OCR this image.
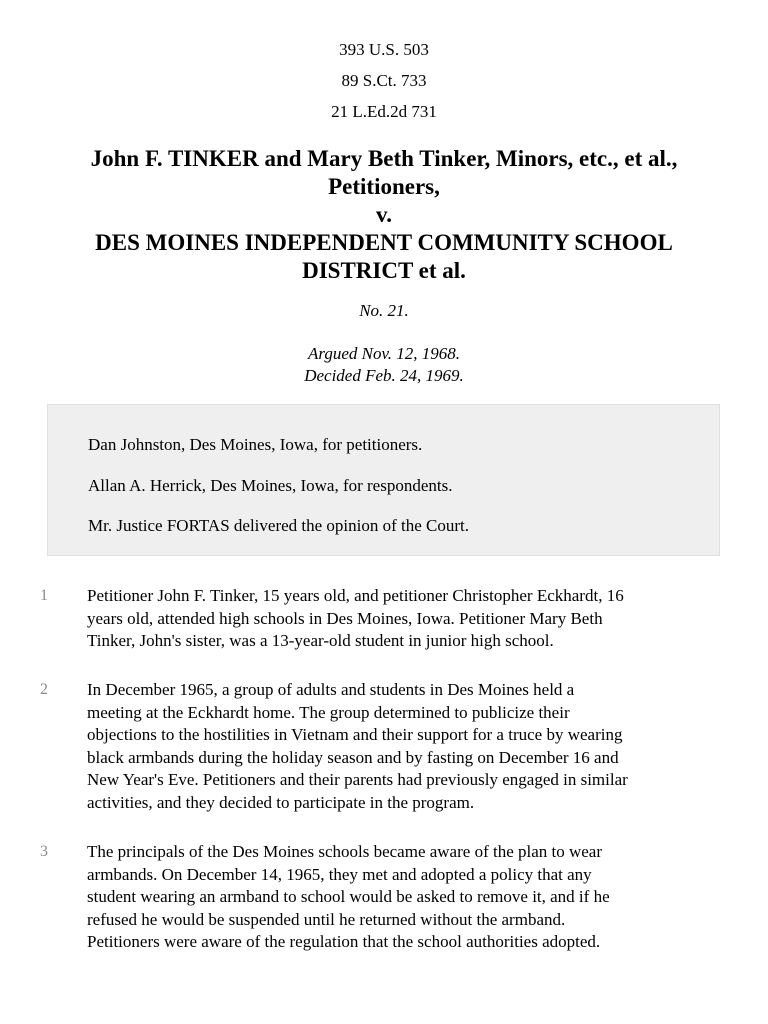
393 U.S. 503
89 S.Ct. 733
21 L.Ed.2d 731
John F. TINKER and Mary Beth Tinker, Minors, etc., et al.,
Petitioners,
v.
DES MOINES INDEPENDENT COMMUNITY SCHOOL
DISTRICT et al.
No. 21.
Argued Nov. 12, 1968.
Decided Feb. 24, 1969.
Dan Johnston, Des Moines, Iowa, for petitioners.
Allan A. Herrick, Des Moines, Iowa, for respondents.
Mr. Justice FORTAS delivered the opinion of the Court.
1	Petitioner John F. Tinker, 15 years old, and petitioner Christopher Eckhardt, 16
years old, attended high schools in Des Moines, Iowa. Petitioner Mary Beth
Tinker, John's sister, was a 13-year-old student in junior high school.
2	In December 1965, a group of adults and students in Des Moines held a
meeting at the Eckhardt home. The group determined to publicize their
objections to the hostilities in Vietnam and their support for a truce by wearing
black armbands during the holiday season and by fasting on December 16 and
New Year's Eve. Petitioners and their parents had previously engaged in similar
activities, and they decided to participate in the program.
3	The principals of the Des Moines schools became aware of the plan to wear
armbands. On December 14, 1965, they met and adopted a policy that any
student wearing an armband to school would be asked to remove it, and if he
refused he would be suspended until he returned without the armband.
Petitioners were aware of the regulation that the school authorities adopted.
